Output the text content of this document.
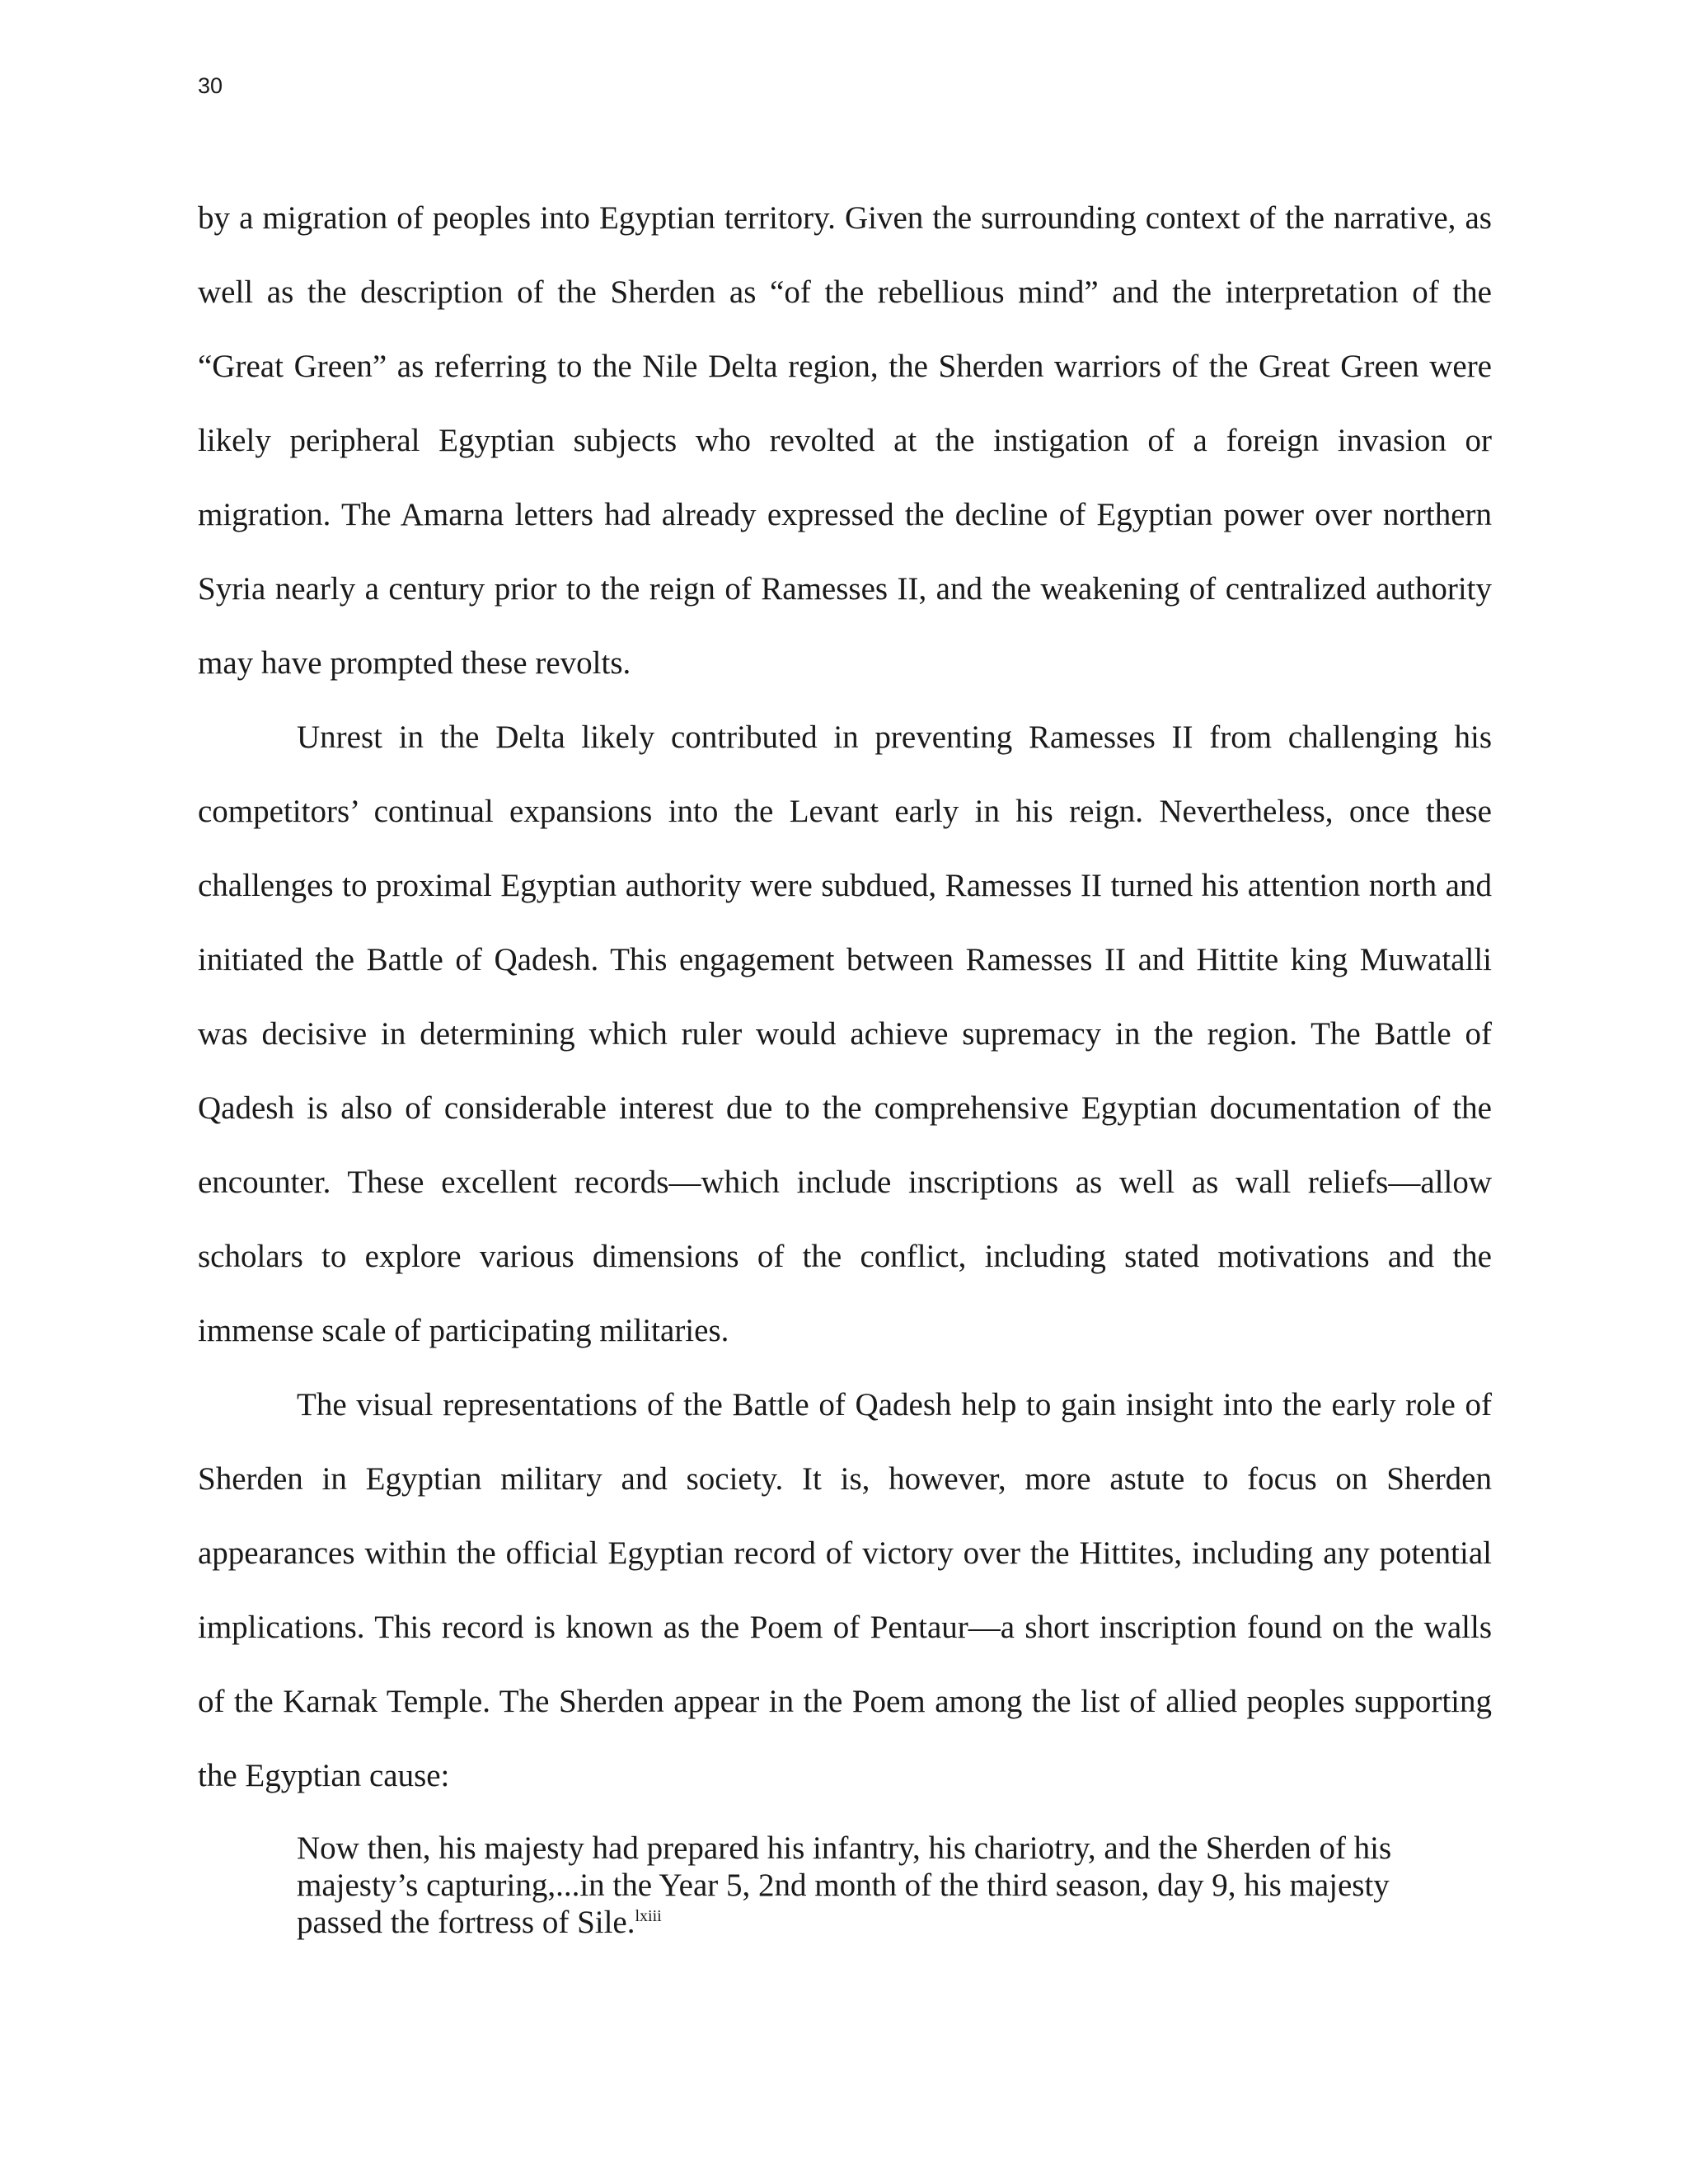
30

by a migration of peoples into Egyptian territory. Given the surrounding context of the narrative, as well as the description of the Sherden as “of the rebellious mind” and the interpretation of the “Great Green” as referring to the Nile Delta region, the Sherden warriors of the Great Green were likely peripheral Egyptian subjects who revolted at the instigation of a foreign invasion or migration. The Amarna letters had already expressed the decline of Egyptian power over northern Syria nearly a century prior to the reign of Ramesses II, and the weakening of centralized authority may have prompted these revolts.

Unrest in the Delta likely contributed in preventing Ramesses II from challenging his competitors’ continual expansions into the Levant early in his reign. Nevertheless, once these challenges to proximal Egyptian authority were subdued, Ramesses II turned his attention north and initiated the Battle of Qadesh. This engagement between Ramesses II and Hittite king Muwatalli was decisive in determining which ruler would achieve supremacy in the region. The Battle of Qadesh is also of considerable interest due to the comprehensive Egyptian documentation of the encounter. These excellent records—which include inscriptions as well as wall reliefs—allow scholars to explore various dimensions of the conflict, including stated motivations and the immense scale of participating militaries.

The visual representations of the Battle of Qadesh help to gain insight into the early role of Sherden in Egyptian military and society. It is, however, more astute to focus on Sherden appearances within the official Egyptian record of victory over the Hittites, including any potential implications. This record is known as the Poem of Pentaur—a short inscription found on the walls of the Karnak Temple. The Sherden appear in the Poem among the list of allied peoples supporting the Egyptian cause:

Now then, his majesty had prepared his infantry, his chariotry, and the Sherden of his majesty’s capturing,...in the Year 5, 2nd month of the third season, day 9, his majesty passed the fortress of Sile.$^{lxiii}$
